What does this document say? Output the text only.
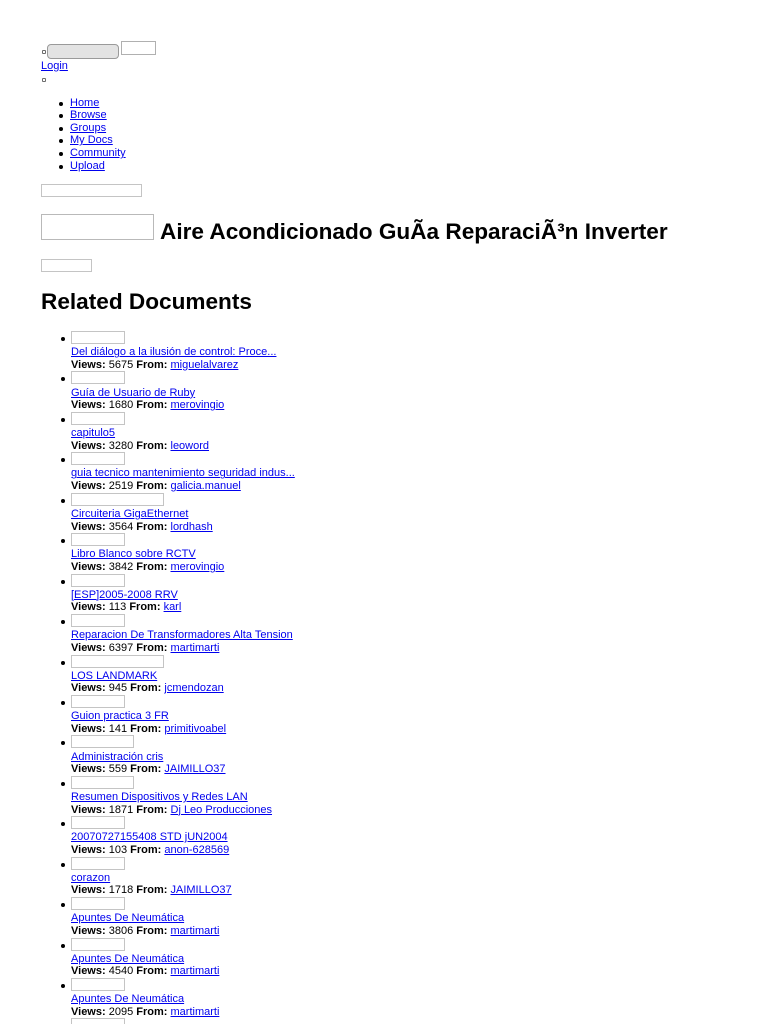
Login
Home
Browse
Groups
My Docs
Community
Upload
Aire Acondicionado GuÃa ReparaciÃ³n Inverter
Related Documents
Del diálogo a la ilusión de control: Proce...
Views: 5675 From: miguelalvarez
Guía de Usuario de Ruby
Views: 1680 From: merovingio
capitulo5
Views: 3280 From: leoword
guia tecnico mantenimiento seguridad indus...
Views: 2519 From: galicia.manuel
Circuiteria GigaEthernet
Views: 3564 From: lordhash
Libro Blanco sobre RCTV
Views: 3842 From: merovingio
[ESP]2005-2008 RRV
Views: 113 From: karl
Reparacion De Transformadores Alta Tension
Views: 6397 From: martimarti
LOS LANDMARK
Views: 945 From: jcmendozan
Guion practica 3 FR
Views: 141 From: primitivoabel
Administración cris
Views: 559 From: JAIMILLO37
Resumen Dispositivos y Redes LAN
Views: 1871 From: Dj Leo Producciones
20070727155408 STD jUN2004
Views: 103 From: anon-628569
corazon
Views: 1718 From: JAIMILLO37
Apuntes De Neumática
Views: 3806 From: martimarti
Apuntes De Neumática
Views: 4540 From: martimarti
Apuntes De Neumática
Views: 2095 From: martimarti
